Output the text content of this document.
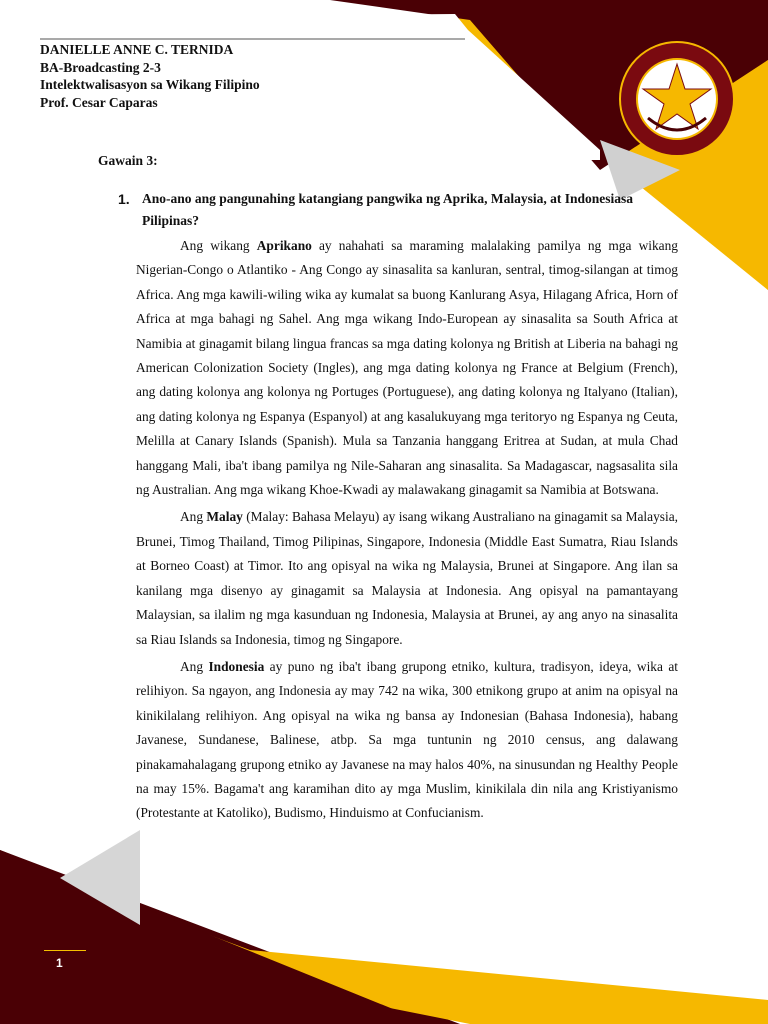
DANIELLE ANNE C. TERNIDA
BA-Broadcasting 2-3
Intelektwalisasyon sa Wikang Filipino
Prof. Cesar Caparas
Gawain 3:
1. Ano-ano ang pangunahing katangiang pangwika ng Aprika, Malaysia, at Indonesiasa Pilipinas?

Ang wikang Aprikano ay nahahati sa maraming malalaking pamilya ng mga wikang Nigerian-Congo o Atlantiko - Ang Congo ay sinasalita sa kanluran, sentral, timog-silangan at timog Africa. Ang mga kawili-wiling wika ay kumalat sa buong Kanlurang Asya, Hilagang Africa, Horn of Africa at mga bahagi ng Sahel. Ang mga wikang Indo-European ay sinasalita sa South Africa at Namibia at ginagamit bilang lingua francas sa mga dating kolonya ng British at Liberia na bahagi ng American Colonization Society (Ingles), ang mga dating kolonya ng France at Belgium (French), ang dating kolonya ang kolonya ng Portuges (Portuguese), ang dating kolonya ng Italyano (Italian), ang dating kolonya ng Espanya (Espanyol) at ang kasalukuyang mga teritoryo ng Espanya ng Ceuta, Melilla at Canary Islands (Spanish). Mula sa Tanzania hanggang Eritrea at Sudan, at mula Chad hanggang Mali, iba't ibang pamilya ng Nile-Saharan ang sinasalita. Sa Madagascar, nagsasalita sila ng Australian. Ang mga wikang Khoe-Kwadi ay malawakang ginagamit sa Namibia at Botswana.

Ang Malay (Malay: Bahasa Melayu) ay isang wikang Australiano na ginagamit sa Malaysia, Brunei, Timog Thailand, Timog Pilipinas, Singapore, Indonesia (Middle East Sumatra, Riau Islands at Borneo Coast) at Timor. Ito ang opisyal na wika ng Malaysia, Brunei at Singapore. Ang ilan sa kanilang mga disenyo ay ginagamit sa Malaysia at Indonesia. Ang opisyal na pamantayang Malaysian, sa ilalim ng mga kasunduan ng Indonesia, Malaysia at Brunei, ay ang anyo na sinasalita sa Riau Islands sa Indonesia, timog ng Singapore.

Ang Indonesia ay puno ng iba't ibang grupong etniko, kultura, tradisyon, ideya, wika at relihiyon. Sa ngayon, ang Indonesia ay may 742 na wika, 300 etnikong grupo at anim na opisyal na kinikilalang relihiyon. Ang opisyal na wika ng bansa ay Indonesian (Bahasa Indonesia), habang Javanese, Sundanese, Balinese, atbp. Sa mga tuntunin ng 2010 census, ang dalawang pinakamahalagang grupong etniko ay Javanese na may halos 40%, na sinusundan ng Healthy People na may 15%. Bagama't ang karamihan dito ay mga Muslim, kinikilala din nila ang Kristiyanismo (Protestante at Katoliko), Budismo, Hinduismo at Confucianism.

1
